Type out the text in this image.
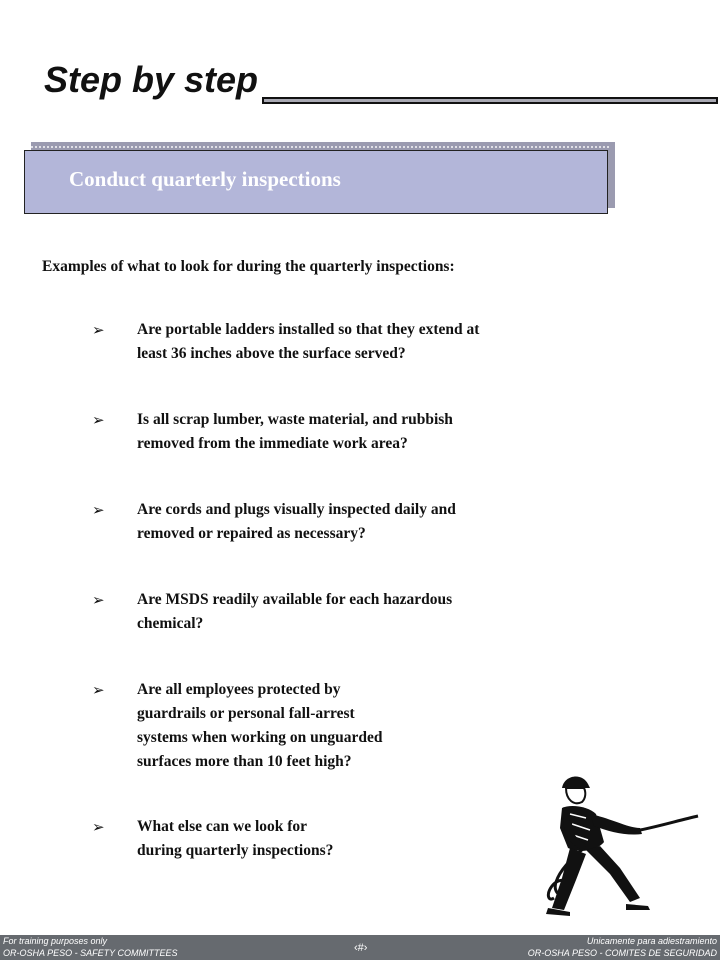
Step by step
Conduct quarterly inspections

Examples of what to look for during the quarterly inspections:

➢ Are portable ladders installed so that they extend at
least 36 inches above the surface served?
➢ Is all scrap lumber, waste material, and rubbish
removed from the immediate work area?
➢ Are cords and plugs visually inspected daily and
removed or repaired as necessary?
➢ Are MSDS readily available for each hazardous
chemical?
➢ Are all employees protected by
guardrails or personal fall-arrest
systems when working on unguarded
surfaces more than 10 feet high?
➢ What else can we look for
during quarterly inspections?
For training purposes only
OR-OSHA PESO - SAFETY COMMITTEES	‹#›
Unicamente para adiestramiento
OR-OSHA PESO - COMITES DE SEGURIDAD
